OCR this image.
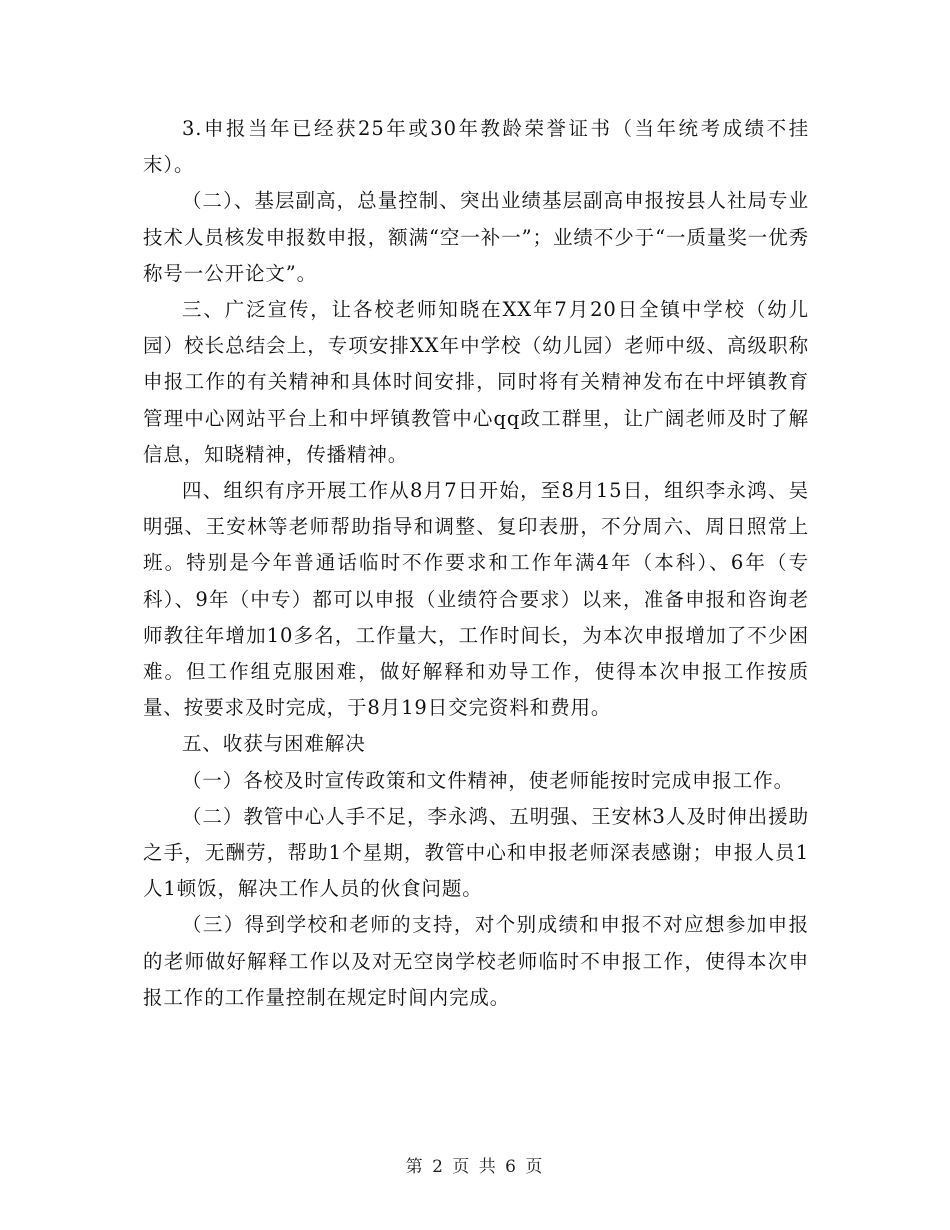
3.申报当年已经获25年或30年教龄荣誉证书（当年统考成绩不挂末）。

（二）、基层副高，总量控制、突出业绩基层副高申报按县人社局专业技术人员核发申报数申报，额满“空一补一”；业绩不少于“一质量奖一优秀称号一公开论文”。

三、广泛宣传，让各校老师知晓在XX年7月20日全镇中学校（幼儿园）校长总结会上，专项安排XX年中学校（幼儿园）老师中级、高级职称申报工作的有关精神和具体时间安排，同时将有关精神发布在中坪镇教育管理中心网站平台上和中坪镇教管中心qq政工群里，让广阔老师及时了解信息，知晓精神，传播精神。

四、组织有序开展工作从8月7日开始，至8月15日，组织李永鸿、吴明强、王安林等老师帮助指导和调整、复印表册，不分周六、周日照常上班。特别是今年普通话临时不作要求和工作年满4年（本科）、6年（专科）、9年（中专）都可以申报（业绩符合要求）以来，准备申报和咨询老师教往年增加10多名，工作量大，工作时间长，为本次申报增加了不少困难。但工作组克服困难，做好解释和劝导工作，使得本次申报工作按质量、按要求及时完成，于8月19日交完资料和费用。

五、收获与困难解决

（一）各校及时宣传政策和文件精神，使老师能按时完成申报工作。

（二）教管中心人手不足，李永鸿、五明强、王安林3人及时伸出援助之手，无酬劳，帮助1个星期，教管中心和申报老师深表感谢；申报人员1人1顿饭，解决工作人员的伙食问题。

（三）得到学校和老师的支持，对个别成绩和申报不对应想参加申报的老师做好解释工作以及对无空岗学校老师临时不申报工作，使得本次申报工作的工作量控制在规定时间内完成。

第 2 页 共 6 页
